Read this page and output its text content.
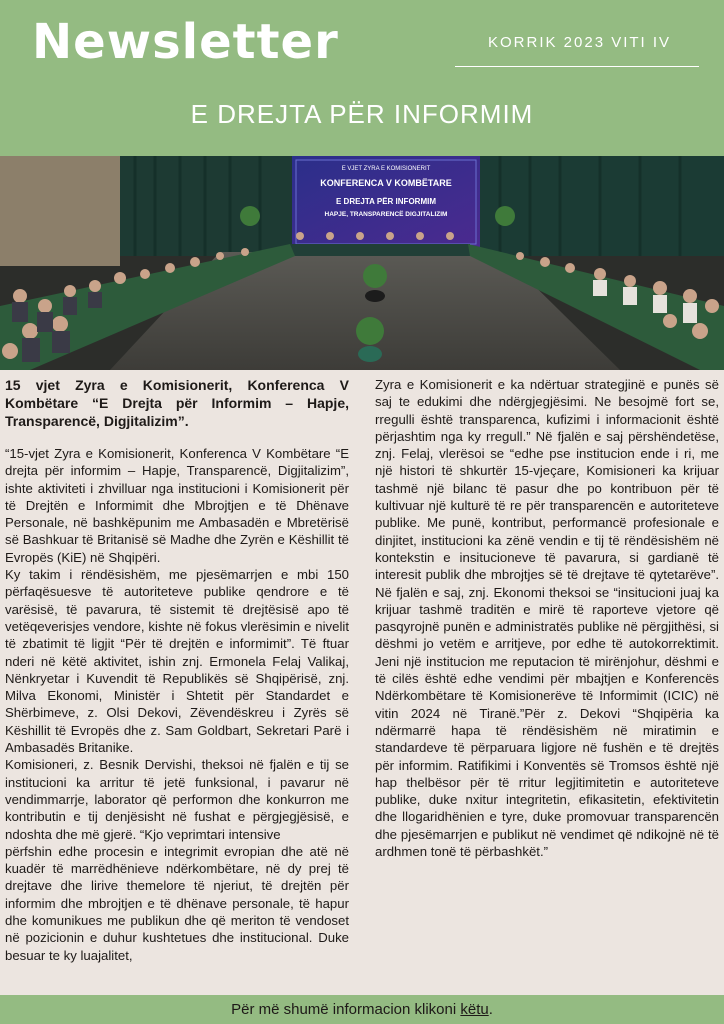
Newsletter	KORRIK 2023 VITI IV
E DREJTA PËR INFORMIM
E VJET ZYRA E KOMISIONERIT
KONFERENCA V KOMBËTARE
E DREJTA PËR INFORMIM
HAPJE, TRANSPARENCË DIGJITALIZIM

15 vjet Zyra e Komisionerit, Konferenca V Kombëtare “E Drejta për Informim – Hapje, Transparencë, Digjitalizim”.

“15-vjet Zyra e Komisionerit, Konferenca V Kombëtare “E drejta për informim – Hapje, Transparencë, Digjitalizim”, ishte aktiviteti i zhvilluar nga institucioni i Komisionerit për të Drejtën e Informimit dhe Mbrojtjen e të Dhënave Personale, në bashkëpunim me Ambasadën e Mbretërisë së Bashkuar të Britanisë së Madhe dhe Zyrën e Këshillit të Evropës (KiE) në Shqipëri.

Ky takim i rëndësishëm, me pjesëmarrjen e mbi 150 përfaqësuesve të autoriteteve publike qendrore e të varësisë, të pavarura, të sistemit të drejtësisë apo të vetëqeverisjes vendore, kishte në fokus vlerësimin e nivelit të zbatimit të ligjit “Për të drejtën e informimit”. Të ftuar nderi në këtë aktivitet, ishin znj. Ermonela Felaj Valikaj, Nënkryetar i Kuvendit të Republikës së Shqipërisë, znj. Milva Ekonomi, Ministër i Shtetit për Standardet e Shërbimeve, z. Olsi Dekovi, Zëvendëskreu i Zyrës së Këshillit të Evropës dhe z. Sam Goldbart, Sekretari Parë i Ambasadës Britanike.

Komisioneri, z. Besnik Dervishi, theksoi në fjalën e tij se institucioni ka arritur të jetë funksional, i pavarur në vendimmarrje, laborator që performon dhe konkurron me kontributin e tij denjësisht në fushat e përgjegjësisë, e ndoshta dhe më gjerë. “Kjo veprimtari intensive

përfshin edhe procesin e integrimit evropian dhe atë në kuadër të marrëdhënieve ndërkombëtare, në dy prej të drejtave dhe lirive themelore të njeriut, të drejtën për informim dhe mbrojtjen e të dhënave personale, të hapur dhe komunikues me publikun dhe që meriton të vendoset në pozicionin e duhur kushtetues dhe institucional. Duke besuar te ky luajalitet,

Zyra e Komisionerit e ka ndërtuar strategjinë e punës së saj te edukimi dhe ndërgjegjësimi. Ne besojmë fort se, rregulli është transparenca, kufizimi i informacionit është përjashtim nga ky rregull.” Në fjalën e saj përshëndetëse, znj. Felaj, vlerësoi se “edhe pse institucion ende i ri, me një histori të shkurtër 15-vjeçare, Komisioneri ka krijuar tashmë një bilanc të pasur dhe po kontribuon për të kultivuar një kulturë të re për transparencën e autoriteteve publike. Me punë, kontribut, performancë profesionale e dinjitet, institucioni ka zënë vendin e tij të rëndësishëm në kontekstin e insitucioneve të pavarura, si gardianë të interesit publik dhe mbrojtjes së të drejtave të qytetarëve”. Në fjalën e saj, znj. Ekonomi theksoi se “insitucioni juaj ka krijuar tashmë traditën e mirë të raporteve vjetore që pasqyrojnë punën e administratës publike në përgjithësi, si dëshmi jo vetëm e arritjeve, por edhe të autokorrektimit. Jeni një institucion me reputacion të mirënjohur, dëshmi e të cilës është edhe vendimi për mbajtjen e Konferencës Ndërkombëtare të Komisionerëve të Informimit (ICIC) në vitin 2024 në Tiranë.”Për z. Dekovi “Shqipëria ka ndërmarrë hapa të rëndësishëm në miratimin e standardeve të përparuara ligjore në fushën e të drejtës për informim. Ratifikimi i Konventës së Tromsos është një hap thelbësor për të rritur legjitimitetin e autoriteteve publike, duke nxitur integritetin, efikasitetin, efektivitetin dhe llogaridhënien e tyre, duke promovuar transparencën dhe pjesëmarrjen e publikut në vendimet që ndikojnë në të ardhmen tonë të përbashkët.”

Për më shumë informacion klikoni këtu.
